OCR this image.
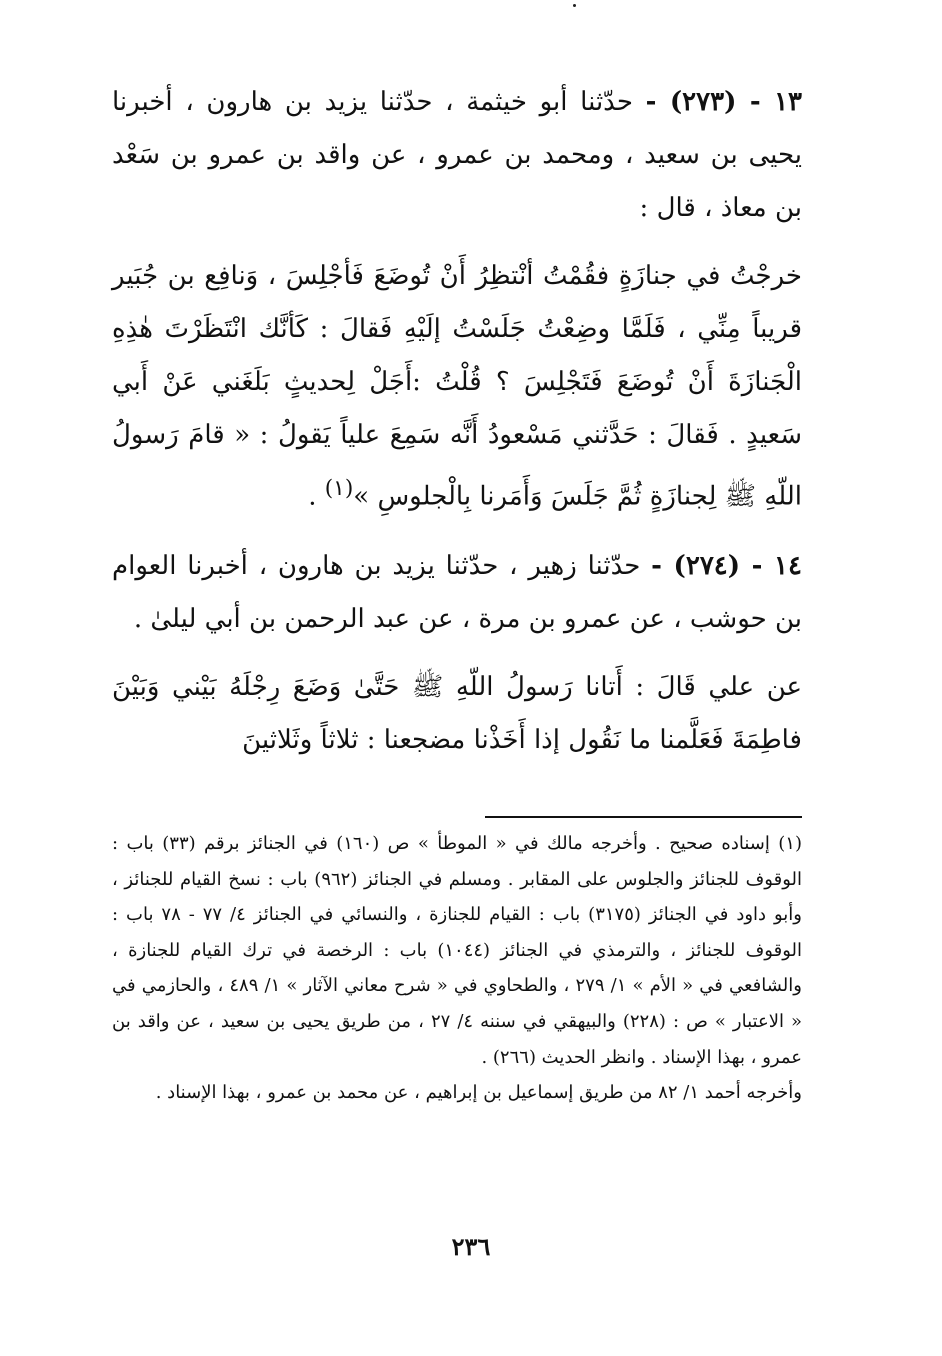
١٣ - (٢٧٣) - حدّثنا أبو خيثمة ، حدّثنا يزيد بن هارون ، أخبرنا يحيى بن سعيد ، ومحمد بن عمرو ، عن واقد بن عمرو بن سَعْد بن معاذ ، قال :

خرجْتُ في جنازَةٍ فقُمْتُ أنْتظِرُ أَنْ تُوضَعَ فَأجْلِسَ ، وَنافِع بن جُبَير قريباً مِنِّي ، فَلَمَّا وضِعْتُ جَلَسْتُ إلَيْهِ فَقالَ : كَأنَّك انْتَظَرْتَ هٰذِهِ الْجَنازَةَ أَنْ تُوضَعَ فَتَجْلِسَ ؟ قُلْتُ :أَجَلْ لِحديثٍ بَلَغَني عَنْ أَبي سَعيدٍ . فَقالَ : حَدَّثني مَسْعودُ أَنَّه سَمِعَ علياً يَقولُ : « قامَ رَسولُ اللّهِ ﷺ لِجنازَةٍ ثُمَّ جَلَسَ وَأَمَرنا بِالْجلوسِ »$^{(١)}$ .

١٤ - (٢٧٤) - حدّثنا زهير ، حدّثنا يزيد بن هارون ، أخبرنا العوام بن حوشب ، عن عمرو بن مرة ، عن عبد الرحمن بن أبي ليلىٰ .

عن علي قَالَ : أَتانا رَسولُ اللّهِ ﷺ حَتَّىٰ وَضَعَ رِجْلَهُ بَيْني وَبَيْنَ فاطِمَةَ فَعَلَّمنا ما نَقُول إذا أَخَذْنا مضجعنا : ثلاثاً وثَلاثينَ

(١) إسناده صحيح . وأخرجه مالك في « الموطأ » ص (١٦٠) في الجنائز برقم (٣٣) باب : الوقوف للجنائز والجلوس على المقابر . ومسلم في الجنائز (٩٦٢) باب : نسخ القيام للجنائز ، وأبو داود في الجنائز (٣١٧٥) باب : القيام للجنازة ، والنسائي في الجنائز ٤/ ٧٧ - ٧٨ باب : الوقوف للجنائز ، والترمذي في الجنائز (١٠٤٤) باب : الرخصة في ترك القيام للجنازة ، والشافعي في « الأم » ١/ ٢٧٩ ، والطحاوي في « شرح معاني الآثار » ١/ ٤٨٩ ، والحازمي في « الاعتبار » ص : (٢٢٨) والبيهقي في سننه ٤/ ٢٧ ، من طريق يحيى بن سعيد ، عن واقد بن عمرو ، بهذا الإسناد . وانظر الحديث (٢٦٦) .

وأخرجه أحمد ١/ ٨٢ من طريق إسماعيل بن إبراهيم ، عن محمد بن عمرو ، بهذا الإسناد .

٢٣٦
